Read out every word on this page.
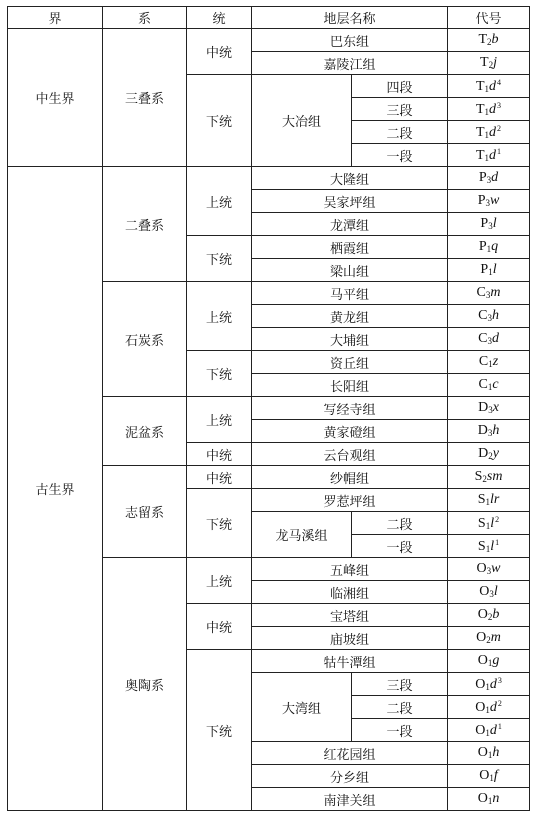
界	系	统	地层名称		代号
中生界	三叠系	中统	巴东组		$T_2b$
			嘉陵江组		$T_2j$
		下统	大冶组	四段	$T_1d^4$
				三段	$T_1d^3$
				二段	$T_1d^2$
				一段	$T_1d^1$
古生界	二叠系	上统	大隆组		$P_3d$
			吴家坪组		$P_3w$
			龙潭组		$P_3l$
		下统	栖霞组		$P_1q$
			梁山组		$P_1l$
	石炭系	上统	马平组		$C_3m$
			黄龙组		$C_3h$
			大埔组		$C_3d$
		下统	资丘组		$C_1z$
			长阳组		$C_1c$
	泥盆系	上统	写经寺组		$D_3x$
			黄家磴组		$D_3h$
		中统	云台观组		$D_2y$
	志留系	中统	纱帽组		$S_2sm$
		下统	罗惹坪组		$S_1lr$
			龙马溪组	二段	$S_1l^2$
				一段	$S_1l^1$
	奥陶系	上统	五峰组		$O_3w$
			临湘组		$O_3l$
		中统	宝塔组		$O_2b$
			庙坡组		$O_2m$
		下统	牯牛潭组		$O_1g$
			大湾组	三段	$O_1d^3$
				二段	$O_1d^2$
				一段	$O_1d^1$
			红花园组		$O_1h$
			分乡组		$O_1f$
			南津关组		$O_1n$
